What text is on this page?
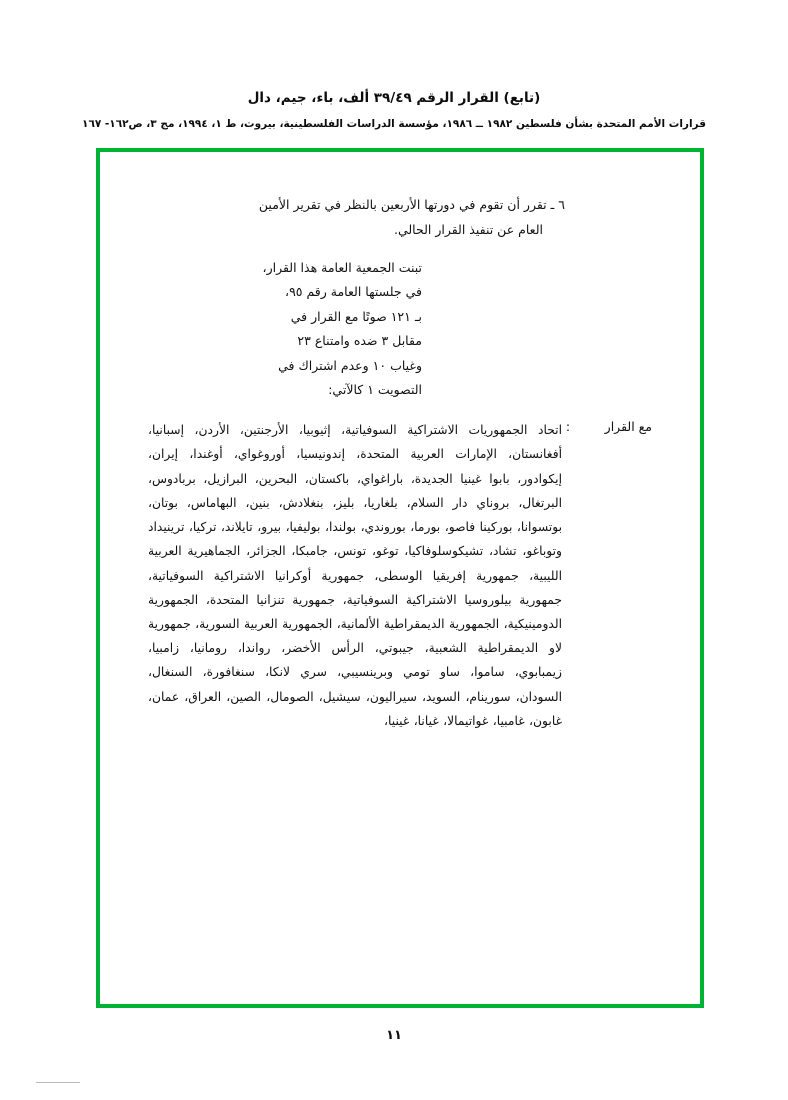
(تابع) القرار الرقم ٣٩/٤٩ ألف، باء، جيم، دال
قرارات الأمم المتحدة بشأن فلسطين ١٩٨٢ ــ ١٩٨٦، مؤسسة الدراسات الفلسطينية، بيروت، ط ١، ١٩٩٤، مج ٣، ص١٦٢- ١٦٧
٦ ـ تقرر أن تقوم في دورتها الأربعين بالنظر في تقرير الأمين
العام عن تنفيذ القرار الحالي.
تبنت الجمعية العامة هذا القرار،
في جلستها العامة رقم ٩٥،
بـ ١٢١ صوتًا مع القرار في
مقابل ٣ ضده وامتناع ٢٣
وغياب ١٠ وعدم اشتراك في
التصويت ١ كالآتي:
مع القرار
:
اتحاد الجمهوريات الاشتراكية السوفياتية، إثيوبيا، الأرجنتين، الأردن، إسبانيا، أفغانستان، الإمارات العربية المتحدة، إندونيسيا، أوروغواي، أوغندا، إيران، إيكوادور، بابوا غينيا الجديدة، باراغواي، باكستان، البحرين، البرازيل، بربادوس، البرتغال، بروناي دار السلام، بلغاريا، بليز، بنغلادش، بنين، البهاماس، بوتان، بوتسوانا، بوركينا فاصو، بورما، بوروندي، بولندا، بوليفيا، بيرو، تايلاند، تركيا، ترينيداد وتوباغو، تشاد، تشيكوسلوفاكيا، توغو، تونس، جامبكا، الجزائر، الجماهيرية العربية الليبية، جمهورية إفريقيا الوسطى، جمهورية أوكرانيا الاشتراكية السوفياتية، جمهورية بيلوروسيا الاشتراكية السوفياتية، جمهورية تنزانيا المتحدة، الجمهورية الدومينيكية، الجمهورية الديمقراطية الألمانية، الجمهورية العربية السورية، جمهورية لاو الديمقراطية الشعبية، جيبوتي، الرأس الأخضر، رواندا، رومانيا، زامبيا، زيمبابوي، ساموا، ساو تومي وبرينسيبي، سري لانكا، سنغافورة، السنغال، السودان، سورينام، السويد، سيراليون، سيشيل، الصومال، الصين، العراق، عمان، غابون، غامبيا، غواتيمالا، غيانا، غينيا،
١١
